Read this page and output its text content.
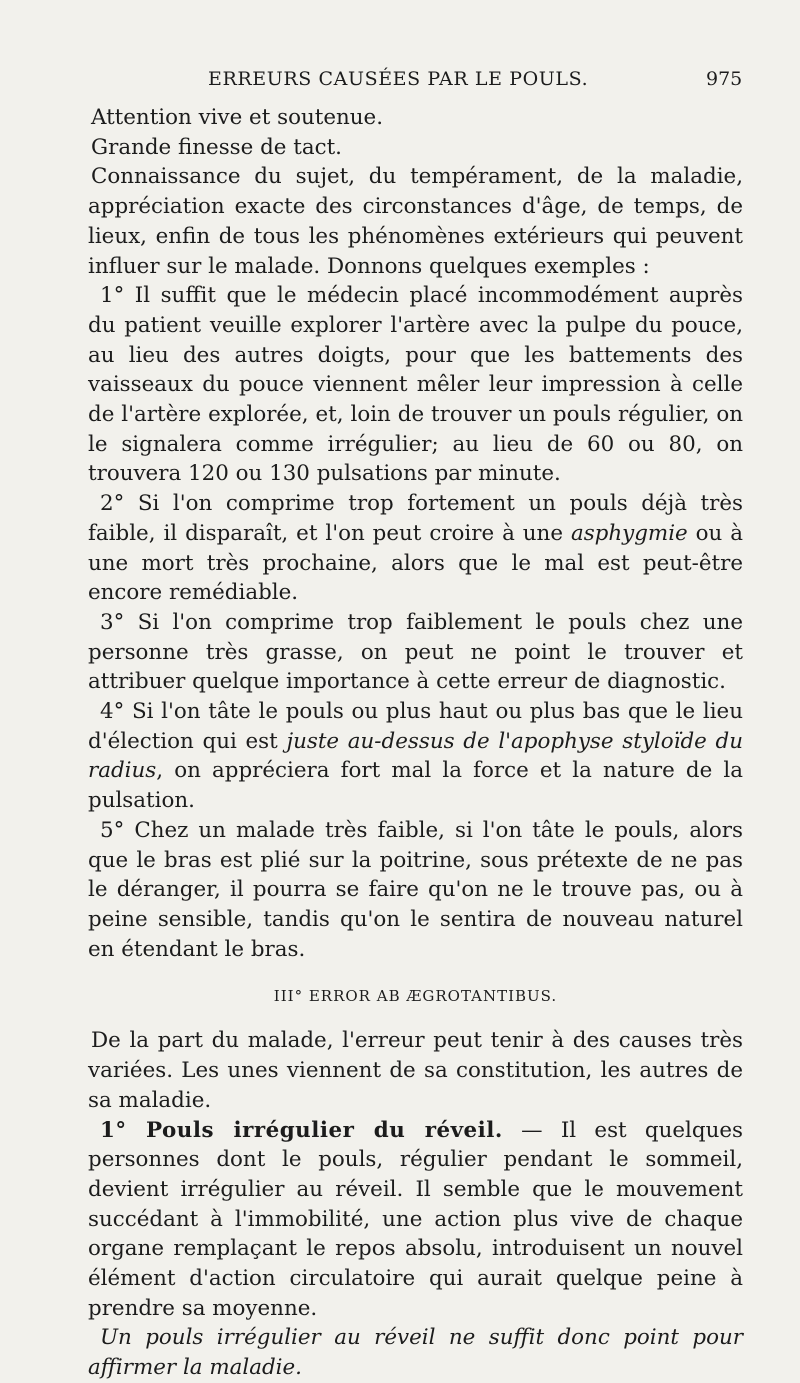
ERREURS CAUSÉES PAR LE POULS.	975

Attention vive et soutenue.

Grande finesse de tact.

Connaissance du sujet, du tempérament, de la maladie, appréciation exacte des circonstances d'âge, de temps, de lieux, enfin de tous les phénomènes extérieurs qui peuvent influer sur le malade. Donnons quelques exemples :

1° Il suffit que le médecin placé incommodément auprès du patient veuille explorer l'artère avec la pulpe du pouce, au lieu des autres doigts, pour que les battements des vaisseaux du pouce viennent mêler leur impression à celle de l'artère explorée, et, loin de trouver un pouls régulier, on le signalera comme irrégulier; au lieu de 60 ou 80, on trouvera 120 ou 130 pulsations par minute.

2° Si l'on comprime trop fortement un pouls déjà très faible, il disparaît, et l'on peut croire à une asphygmie ou à une mort très prochaine, alors que le mal est peut-être encore remédiable.

3° Si l'on comprime trop faiblement le pouls chez une personne très grasse, on peut ne point le trouver et attribuer quelque importance à cette erreur de diagnostic.

4° Si l'on tâte le pouls ou plus haut ou plus bas que le lieu d'élection qui est juste au-dessus de l'apophyse styloïde du radius, on appréciera fort mal la force et la nature de la pulsation.

5° Chez un malade très faible, si l'on tâte le pouls, alors que le bras est plié sur la poitrine, sous prétexte de ne pas le déranger, il pourra se faire qu'on ne le trouve pas, ou à peine sensible, tandis qu'on le sentira de nouveau naturel en étendant le bras.

III° ERROR AB ÆGROTANTIBUS.

De la part du malade, l'erreur peut tenir à des causes très variées. Les unes viennent de sa constitution, les autres de sa maladie.

1° Pouls irrégulier du réveil. — Il est quelques personnes dont le pouls, régulier pendant le sommeil, devient irrégulier au réveil. Il semble que le mouvement succédant à l'immobilité, une action plus vive de chaque organe remplaçant le repos absolu, introduisent un nouvel élément d'action circulatoire qui aurait quelque peine à prendre sa moyenne.

Un pouls irrégulier au réveil ne suffit donc point pour affirmer la maladie.
